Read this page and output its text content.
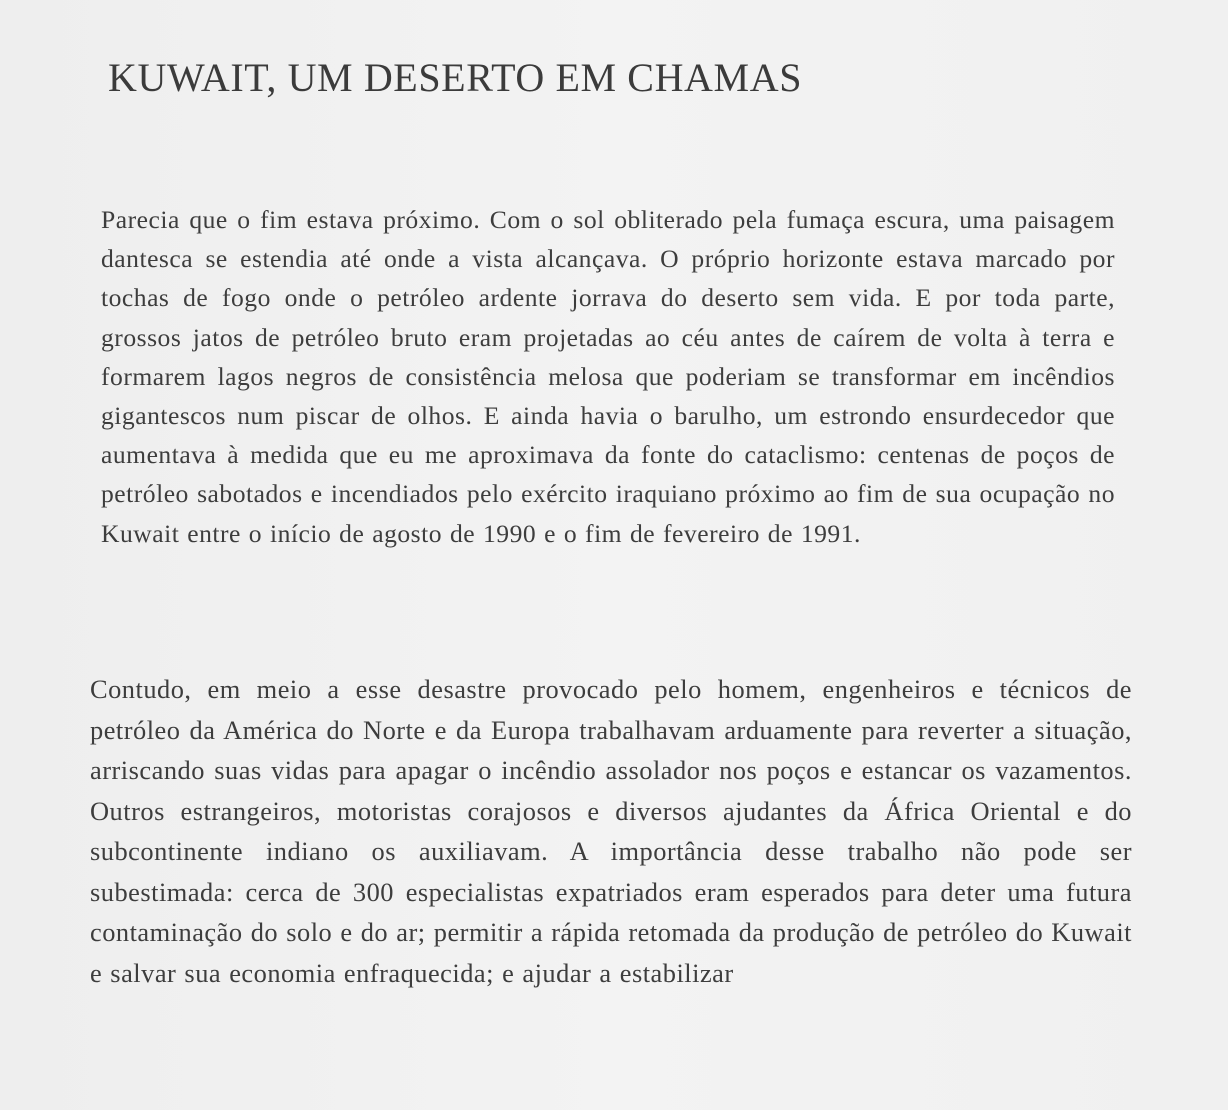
KUWAIT, UM DESERTO EM CHAMAS

Parecia que o fim estava próximo. Com o sol obliterado pela fumaça escura, uma paisagem dantesca se estendia até onde a vista alcançava. O próprio horizonte estava marcado por tochas de fogo onde o petróleo ardente jorrava do deserto sem vida. E por toda parte, grossos jatos de petróleo bruto eram projetadas ao céu antes de caírem de volta à terra e formarem lagos negros de consistência melosa que poderiam se transformar em incêndios gigantescos num piscar de olhos. E ainda havia o barulho, um estrondo ensurdecedor que aumentava à medida que eu me aproximava da fonte do cataclismo: centenas de poços de petróleo sabotados e incendiados pelo exército iraquiano próximo ao fim de sua ocupação no Kuwait entre o início de agosto de 1990 e o fim de fevereiro de 1991.

Contudo, em meio a esse desastre provocado pelo homem, engenheiros e técnicos de petróleo da América do Norte e da Europa trabalhavam arduamente para reverter a situação, arriscando suas vidas para apagar o incêndio assolador nos poços e estancar os vazamentos. Outros estrangeiros, motoristas corajosos e diversos ajudantes da África Oriental e do subcontinente indiano os auxiliavam. A importância desse trabalho não pode ser subestimada: cerca de 300 especialistas expatriados eram esperados para deter uma futura contaminação do solo e do ar; permitir a rápida retomada da produção de petróleo do Kuwait e salvar sua economia enfraquecida; e ajudar a estabilizar
